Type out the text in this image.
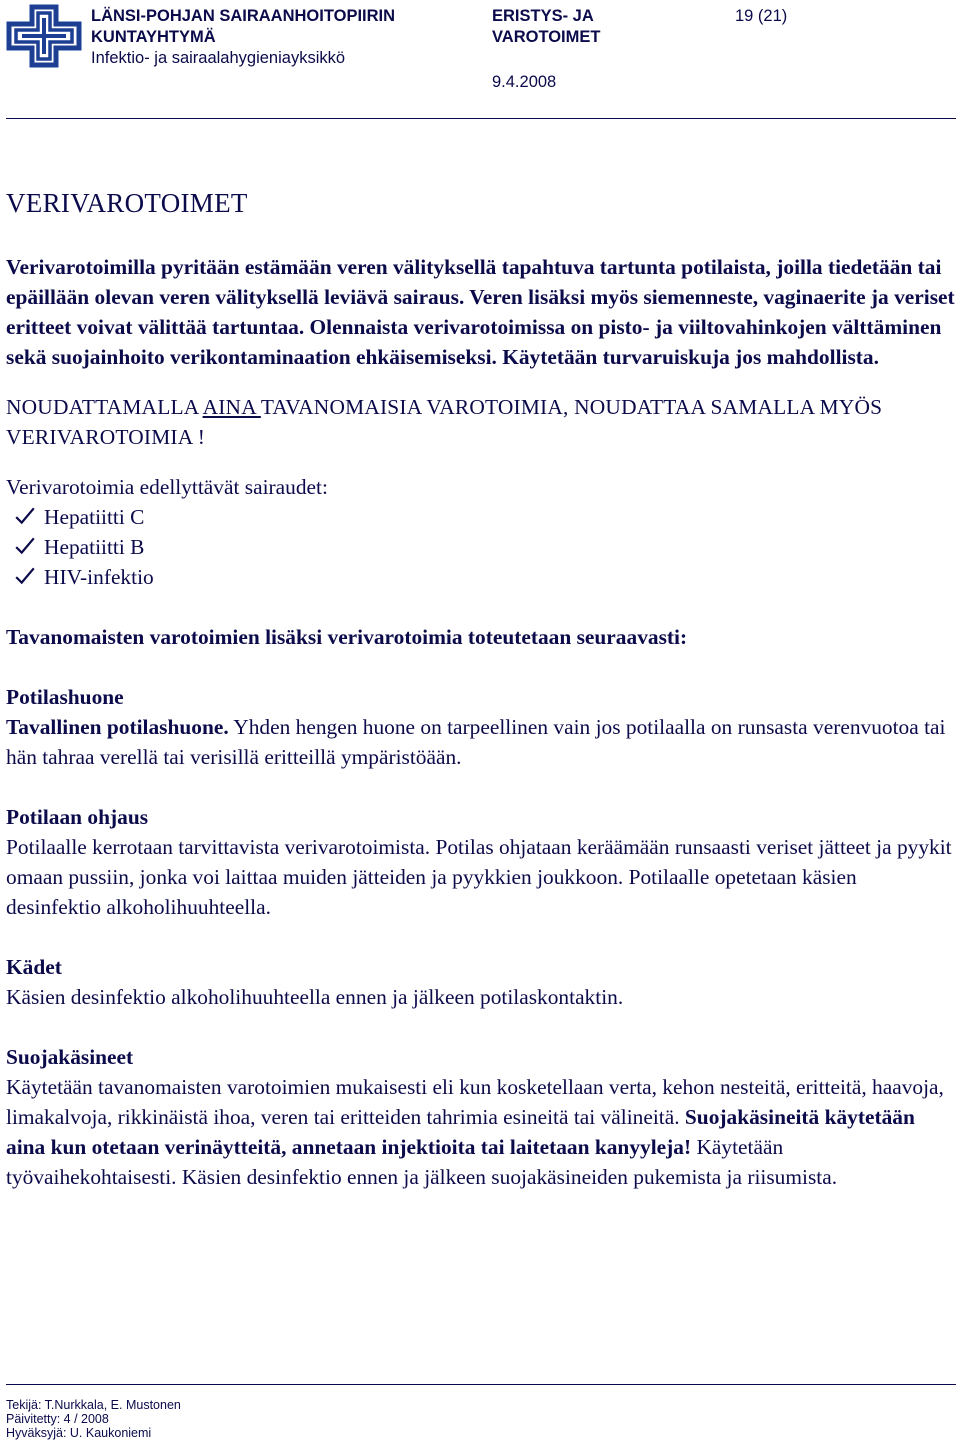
LÄNSI-POHJAN SAIRAANHOITOPIIRIN
KUNTAYHTYMÄ
Infektio- ja sairaalahygieniayksikkö
ERISTYS- JA
VAROTOIMET
19 (21)
9.4.2008
VERIVAROTOIMET

Verivarotoimilla pyritään estämään veren välityksellä tapahtuva tartunta potilaista, joilla tiedetään tai epäillään olevan veren välityksellä leviävä sairaus. Veren lisäksi myös siemenneste, vaginaerite ja veriset eritteet voivat välittää tartuntaa. Olennaista verivarotoimissa on pisto- ja viiltovahinkojen välttäminen sekä suojainhoito verikontaminaation ehkäisemiseksi. Käytetään turvaruiskuja jos mahdollista.

NOUDATTAMALLA AINA TAVANOMAISIA VAROTOIMIA, NOUDATTAA SAMALLA MYÖS VERIVAROTOIMIA !

Verivarotoimia edellyttävät sairaudet:

Hepatiitti C
Hepatiitti B
HIV-infektio

Tavanomaisten varotoimien lisäksi verivarotoimia toteutetaan seuraavasti:

Potilashuone

Tavallinen potilashuone. Yhden hengen huone on tarpeellinen vain jos potilaalla on runsasta verenvuotoa tai hän tahraa verellä tai verisillä eritteillä ympäristöään.

Potilaan ohjaus

Potilaalle kerrotaan tarvittavista verivarotoimista. Potilas ohjataan keräämään runsaasti veriset jätteet ja pyykit omaan pussiin, jonka voi laittaa muiden jätteiden ja pyykkien joukkoon. Potilaalle opetetaan käsien desinfektio alkoholihuuhteella.

Kädet

Käsien desinfektio alkoholihuuhteella ennen ja jälkeen potilaskontaktin.

Suojakäsineet

Käytetään tavanomaisten varotoimien mukaisesti eli kun kosketellaan verta, kehon nesteitä, eritteitä, haavoja, limakalvoja, rikkinäistä ihoa, veren tai eritteiden tahrimia esineitä tai välineitä. Suojakäsineitä käytetään aina kun otetaan verinäytteitä, annetaan injektioita tai laitetaan kanyyleja! Käytetään työvaihekohtaisesti. Käsien desinfektio ennen ja jälkeen suojakäsineiden pukemista ja riisumista.

Tekijä: T.Nurkkala, E. Mustonen
Päivitetty: 4 / 2008
Hyväksyjä: U. Kaukoniemi
